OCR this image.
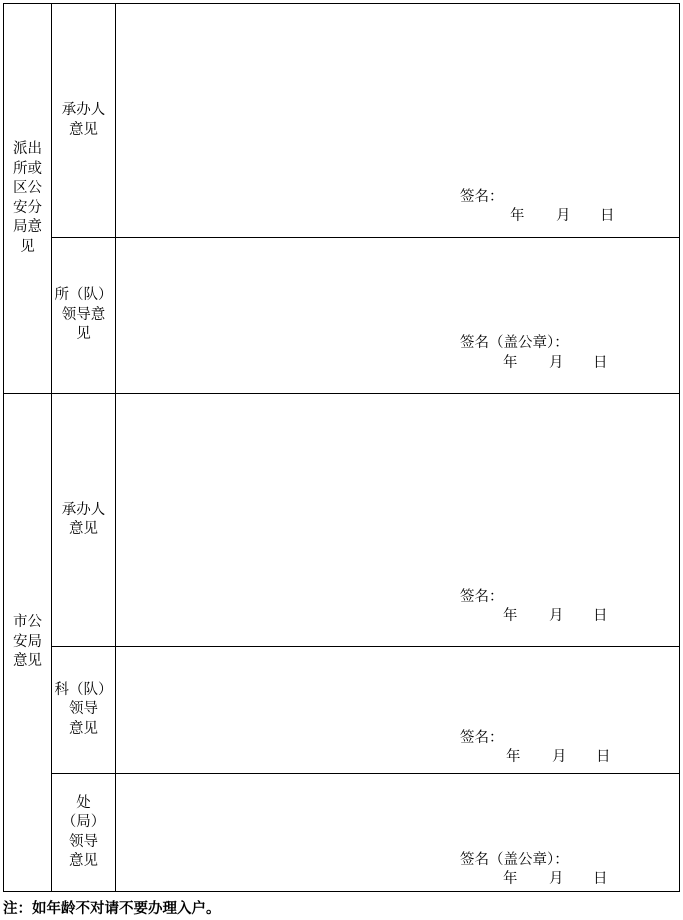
派出
所或
区公
安分
局意
见
承办人
意见
签名：
年 月 日
所（队）
领导意
见
签名（盖公章）：
年 月 日
市公
安局
意见
承办人
意见
签名：
年 月 日
科（队）
领导
意见
签名：
年 月 日
处
（局）
领导
意见	签名（盖公章）：
年 月 日
注：如年龄不对请不要办理入户。
